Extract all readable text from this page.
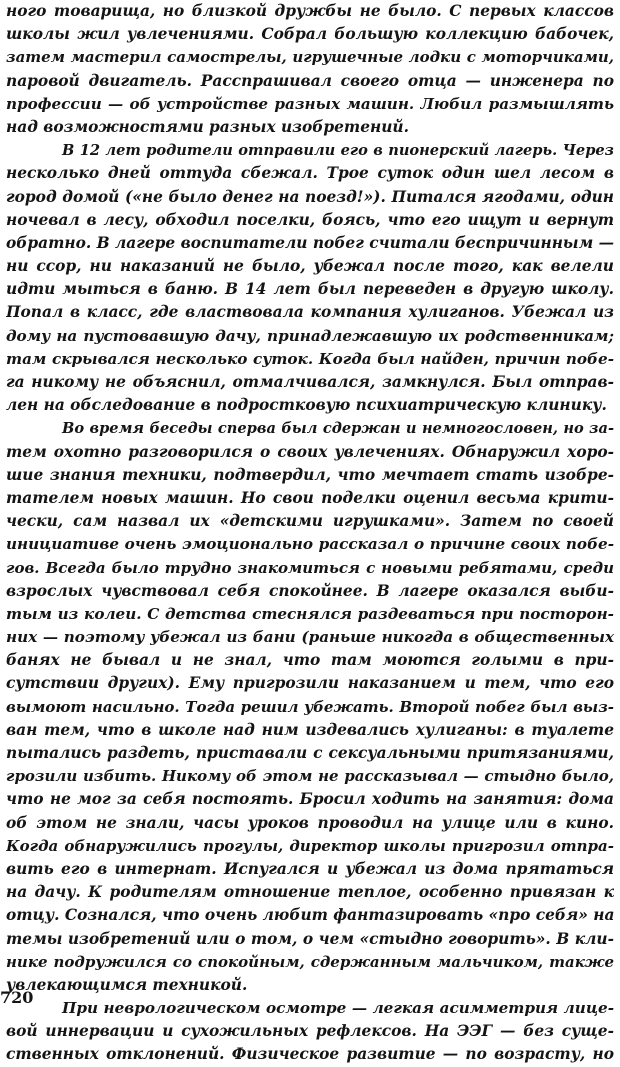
ного товарища, но близкой дружбы не было. С первых классов
школы жил увлечениями. Собрал большую коллекцию бабочек,
затем мастерил самострелы, игрушечные лодки с моторчиками,
паровой двигатель. Расспрашивал своего отца — инженера по
профессии — об устройстве разных машин. Любил размышлять
над возможностями разных изобретений.
В 12 лет родители отправили его в пионерский лагерь. Через
несколько дней оттуда сбежал. Трое суток один шел лесом в
город домой («не было денег на поезд!»). Питался ягодами, один
ночевал в лесу, обходил поселки, боясь, что его ищут и вернут
обратно. В лагере воспитатели побег считали беспричинным —
ни ссор, ни наказаний не было, убежал после того, как велели
идти мыться в баню. В 14 лет был переведен в другую школу.
Попал в класс, где властвовала компания хулиганов. Убежал из
дому на пустовавшую дачу, принадлежавшую их родственникам;
там скрывался несколько суток. Когда был найден, причин побе-
га никому не объяснил, отмалчивался, замкнулся. Был отправ-
лен на обследование в подростковую психиатрическую клинику.
Во время беседы сперва был сдержан и немногословен, но за-
тем охотно разговорился о своих увлечениях. Обнаружил хоро-
шие знания техники, подтвердил, что мечтает стать изобре-
тателем новых машин. Но свои поделки оценил весьма крити-
чески, сам назвал их «детскими игрушками». Затем по своей
инициативе очень эмоционально рассказал о причине своих побе-
гов. Всегда было трудно знакомиться с новыми ребятами, среди
взрослых чувствовал себя спокойнее. В лагере оказался выби-
тым из колеи. С детства стеснялся раздеваться при посторон-
них — поэтому убежал из бани (раньше никогда в общественных
банях не бывал и не знал, что там моются голыми в при-
сутствии других). Ему пригрозили наказанием и тем, что его
вымоют насильно. Тогда решил убежать. Второй побег был выз-
ван тем, что в школе над ним издевались хулиганы: в туалете
пытались раздеть, приставали с сексуальными притязаниями,
грозили избить. Никому об этом не рассказывал — стыдно было,
что не мог за себя постоять. Бросил ходить на занятия: дома
об этом не знали, часы уроков проводил на улице или в кино.
Когда обнаружились прогулы, директор школы пригрозил отпра-
вить его в интернат. Испугался и убежал из дома прятаться
на дачу. К родителям отношение теплое, особенно привязан к
отцу. Сознался, что очень любит фантазировать «про себя» на
темы изобретений или о том, о чем «стыдно говорить». В кли-
нике подружился со спокойным, сдержанным мальчиком, также
увлекающимся техникой.
При неврологическом осмотре — легкая асимметрия лице-
вой иннервации и сухожильных рефлексов. На ЭЭГ — без суще-
ственных отклонений. Физическое развитие — по возрасту, но
720
